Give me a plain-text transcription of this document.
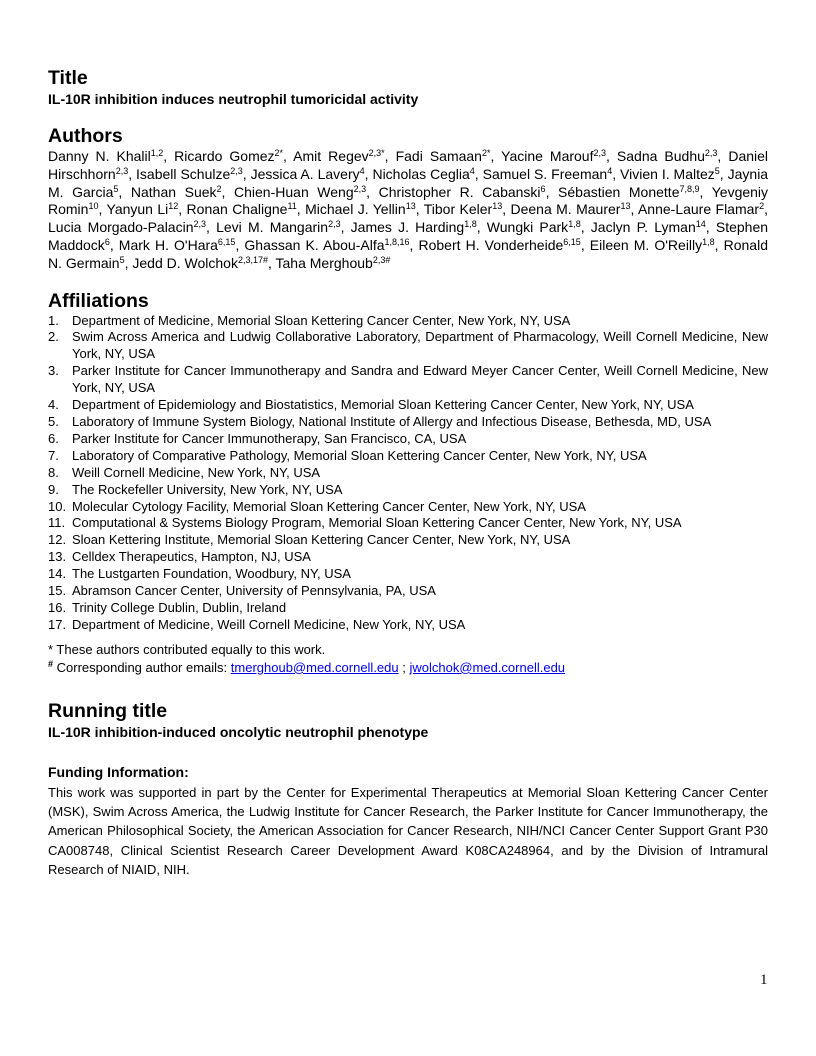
Title

IL-10R inhibition induces neutrophil tumoricidal activity

Authors

Danny N. Khalil$^{1,2}$, Ricardo Gomez$^{2*}$, Amit Regev$^{2,3*}$, Fadi Samaan$^{2*}$, Yacine Marouf$^{2,3}$, Sadna Budhu$^{2,3}$, Daniel Hirschhorn$^{2,3}$, Isabell Schulze$^{2,3}$, Jessica A. Lavery$^4$, Nicholas Ceglia$^4$, Samuel S. Freeman$^4$, Vivien I. Maltez$^5$, Jaynia M. Garcia$^5$, Nathan Suek$^2$, Chien-Huan Weng$^{2,3}$, Christopher R. Cabanski$^6$, Sébastien Monette$^{7,8,9}$, Yevgeniy Romin$^{10}$, Yanyun Li$^{12}$, Ronan Chaligne$^{11}$, Michael J. Yellin$^{13}$, Tibor Keler$^{13}$, Deena M. Maurer$^{13}$, Anne-Laure Flamar$^2$, Lucia Morgado-Palacin$^{2,3}$, Levi M. Mangarin$^{2,3}$, James J. Harding$^{1,8}$, Wungki Park$^{1,8}$, Jaclyn P. Lyman$^{14}$, Stephen Maddock$^6$, Mark H. O'Hara$^{6,15}$, Ghassan K. Abou-Alfa$^{1,8,16}$, Robert H. Vonderheide$^{6,15}$, Eileen M. O'Reilly$^{1,8}$, Ronald N. Germain$^5$, Jedd D. Wolchok$^{2,3,17\#}$, Taha Merghoub$^{2,3\#}$

Affiliations
1.	Department of Medicine, Memorial Sloan Kettering Cancer Center, New York, NY, USA
2.	Swim Across America and Ludwig Collaborative Laboratory, Department of Pharmacology, Weill Cornell Medicine, New York, NY, USA
3.	Parker Institute for Cancer Immunotherapy and Sandra and Edward Meyer Cancer Center, Weill Cornell Medicine, New York, NY, USA
4.	Department of Epidemiology and Biostatistics, Memorial Sloan Kettering Cancer Center, New York, NY, USA
5.	Laboratory of Immune System Biology, National Institute of Allergy and Infectious Disease, Bethesda, MD, USA
6.	Parker Institute for Cancer Immunotherapy, San Francisco, CA, USA
7.	Laboratory of Comparative Pathology, Memorial Sloan Kettering Cancer Center, New York, NY, USA
8.	Weill Cornell Medicine, New York, NY, USA
9.	The Rockefeller University, New York, NY, USA
10. Molecular Cytology Facility, Memorial Sloan Kettering Cancer Center, New York, NY, USA
11. Computational & Systems Biology Program, Memorial Sloan Kettering Cancer Center, New York, NY, USA
12. Sloan Kettering Institute, Memorial Sloan Kettering Cancer Center, New York, NY, USA
13. Celldex Therapeutics, Hampton, NJ, USA
14. The Lustgarten Foundation, Woodbury, NY, USA
15. Abramson Cancer Center, University of Pennsylvania, PA, USA
16. Trinity College Dublin, Dublin, Ireland
17. Department of Medicine, Weill Cornell Medicine, New York, NY, USA

* These authors contributed equally to this work.

# Corresponding author emails: tmerghoub@med.cornell.edu ; jwolchok@med.cornell.edu

Running title

IL-10R inhibition-induced oncolytic neutrophil phenotype

Funding Information:

This work was supported in part by the Center for Experimental Therapeutics at Memorial Sloan Kettering Cancer Center (MSK), Swim Across America, the Ludwig Institute for Cancer Research, the Parker Institute for Cancer Immunotherapy, the American Philosophical Society, the American Association for Cancer Research, NIH/NCI Cancer Center Support Grant P30 CA008748, Clinical Scientist Research Career Development Award K08CA248964, and by the Division of Intramural Research of NIAID, NIH.

1
